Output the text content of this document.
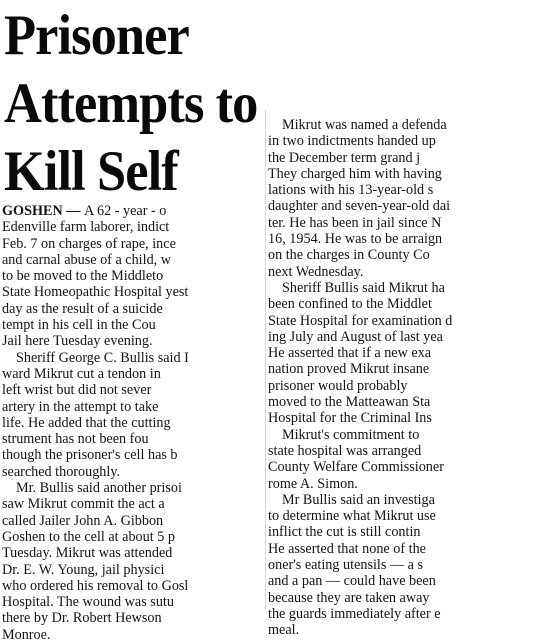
Prisoner
Attempts to
Kill Self

GOSHEN — A 62 - year - o

Edenville farm laborer, indict

Feb. 7 on charges of rape, ince

and carnal abuse of a child, w

to be moved to the Middleto

State Homeopathic Hospital yest

day as the result of a suicide

tempt in his cell in the Cou

Jail here Tuesday evening.

Sheriff George C. Bullis said I

ward Mikrut cut a tendon in

left wrist but did not sever

artery in the attempt to take

life. He added that the cutting

strument has not been fou

though the prisoner's cell has b

searched thoroughly.

Mr. Bullis said another prisoi

saw Mikrut commit the act a

called Jailer John A. Gibbon

Goshen to the cell at about 5 p

Tuesday. Mikrut was attended

Dr. E. W. Young, jail physici

who ordered his removal to Gosl

Hospital. The wound was sutu

there by Dr. Robert Hewson

Monroe.

Mikrut was named a defenda

in two indictments handed up

the December term grand j

They charged him with having

lations with his 13-year-old s

daughter and seven-year-old dai

ter. He has been in jail since N

16, 1954. He was to be arraign

on the charges in County Co

next Wednesday.

Sheriff Bullis said Mikrut ha

been confined to the Middlet

State Hospital for examination d

ing July and August of last yea

He asserted that if a new exa

nation proved Mikrut insane

prisoner would probably

moved to the Matteawan Sta

Hospital for the Criminal Ins

Mikrut's commitment to

state hospital was arranged

County Welfare Commissioner

rome A. Simon.

Mr Bullis said an investiga

to determine what Mikrut use

inflict the cut is still contin

He asserted that none of the

oner's eating utensils — a s

and a pan — could have been

because they are taken away

the guards immediately after e

meal.
